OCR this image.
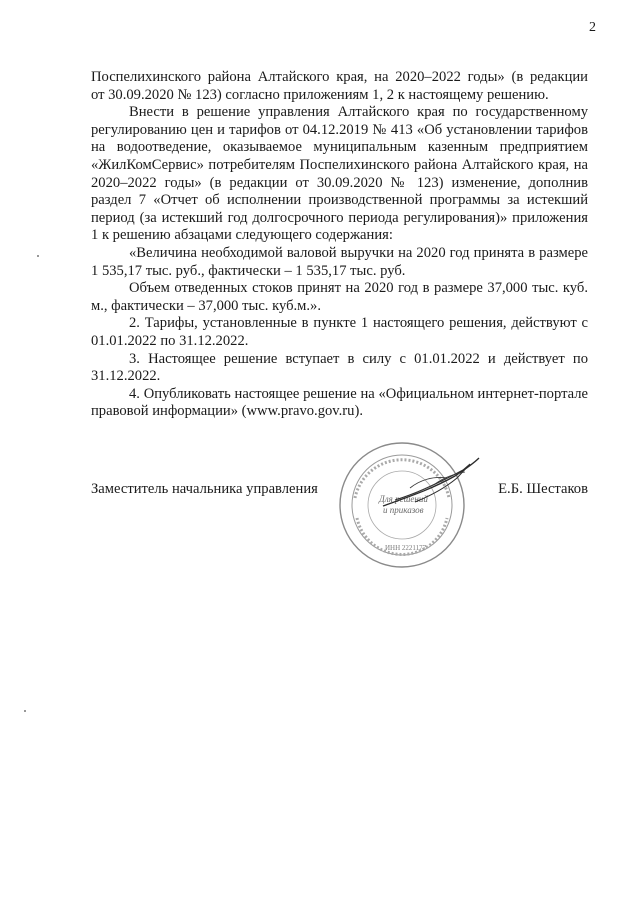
2

Поспелихинского района Алтайского края, на 2020–2022 годы» (в редакции

от 30.09.2020 № 123) согласно приложениям 1, 2 к настоящему решению.

Внести в решение управления Алтайского края по государственному регулированию цен и тарифов от 04.12.2019 № 413 «Об установлении тарифов на водоотведение, оказываемое муниципальным казенным предприятием «ЖилКомСервис» потребителям Поспелихинского района Алтайского края, на 2020–2022 годы» (в редакции от 30.09.2020 № 123) изменение, дополнив раздел 7 «Отчет об исполнении производственной программы за истекший период (за истекший год долгосрочного периода регулирования)» приложения 1 к решению абзацами следующего содержания:

«Величина необходимой валовой выручки на 2020 год принята в размере 1 535,17 тыс. руб., фактически – 1 535,17 тыс. руб.

Объем отведенных стоков принят на 2020 год в размере 37,000 тыс. куб. м., фактически – 37,000 тыс. куб.м.».

2. Тарифы, установленные в пункте 1 настоящего решения, действуют с 01.01.2022 по 31.12.2022.

3. Настоящее решение вступает в силу с 01.01.2022 и действует по 31.12.2022.

4. Опубликовать настоящее решение на «Официальном интернет-портале правовой информации» (www.pravo.gov.ru).

Для решений
и приказов
ИНН 2221177
Заместитель начальника управления	Е.Б. Шестаков
